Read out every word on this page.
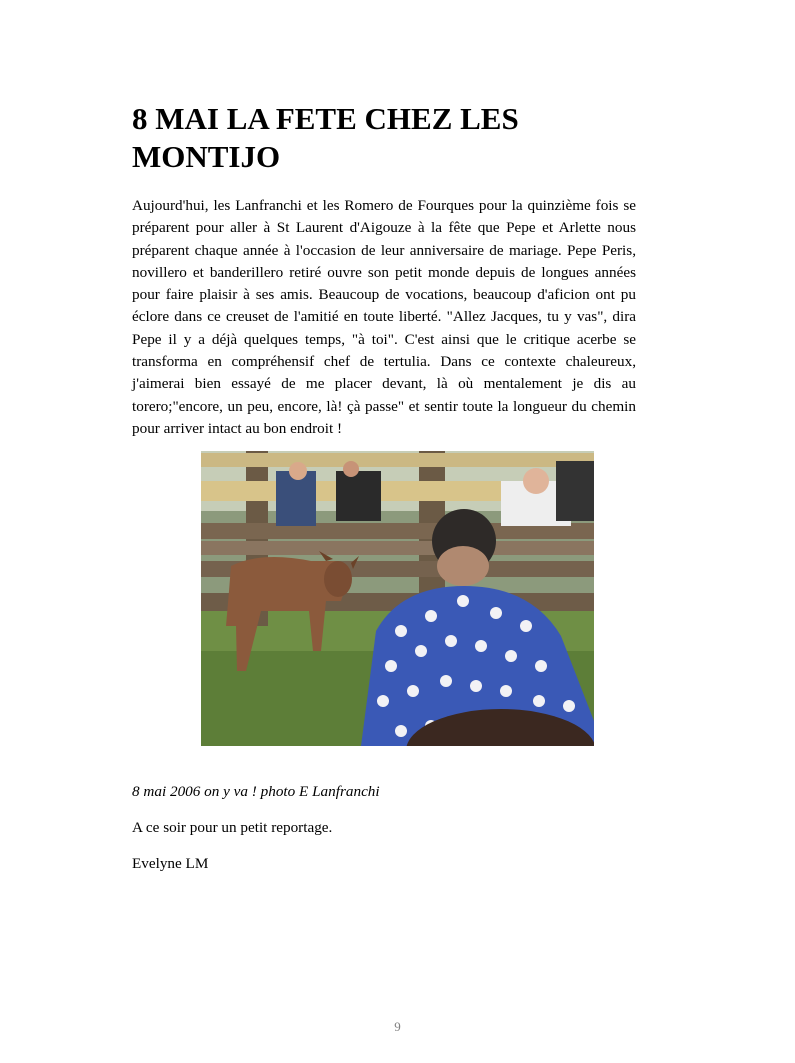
8 MAI LA FETE CHEZ LES MONTIJO

Aujourd'hui, les Lanfranchi et les Romero de Fourques pour la quinzième fois se préparent pour aller à St Laurent d'Aigouze à la fête que Pepe et Arlette nous préparent chaque année à l'occasion de leur anniversaire de mariage. Pepe Peris, novillero et banderillero retiré ouvre son petit monde depuis de longues années pour faire plaisir à ses amis. Beaucoup de vocations, beaucoup d'aficion ont pu éclore dans ce creuset de l'amitié en toute liberté. "Allez Jacques, tu y vas", dira Pepe il y a déjà quelques temps, "à toi". C'est ainsi que le critique acerbe se transforma en compréhensif chef de tertulia. Dans ce contexte chaleureux, j'aimerai bien essayé de me placer devant, là où mentalement je dis au torero;"encore, un peu, encore, là! çà passe" et sentir toute la longueur du chemin pour arriver intact au bon endroit !

8 mai 2006 on y va ! photo E Lanfranchi

A ce soir pour un petit reportage.

Evelyne LM

9
